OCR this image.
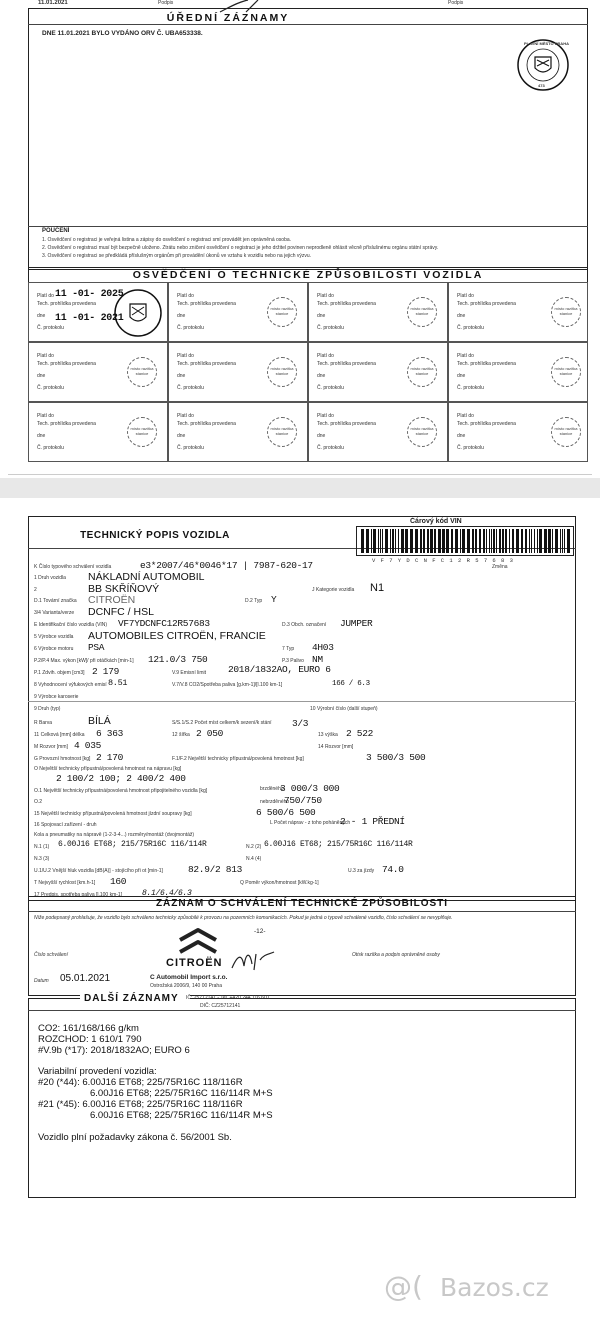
11.01.2021	Podpis
Podpis
ÚŘEDNÍ ZÁZNAMY
DNE 11.01.2021 BYLO VYDÁNO ORV Č. UBA653338.
PLAVNÍ MĚSTO PRAHA
473
POUČENÍ
1. Osvědčení o registraci je veřejná listina a zápisy do osvědčení o registraci smí provádět jen oprávněná osoba.
2. Osvědčení o registraci musí být bezpečně uloženo. Ztrátu nebo zničení osvědčení o registraci je jeho držitel povinen neprodleně ohlásit věcně příslušnému orgánu státní správy.
3. Osvědčení o registraci se předkládá příslušným orgánům při provádění úkonů ve vztahu k vozidlu nebo na jejich výzvu.
OSVĚDČENÍ O TECHNICKÉ ZPŮSOBILOSTI VOZIDLA
Platí do
Tech. prohlídka provedena
dne
Č. protokolu
11 -01- 2025
11 -01- 2021
Platí do
Tech. prohlídka provedena
dne
Č. protokolu
místo razítka stanice
Platí do
Tech. prohlídka provedena
dne
Č. protokolu
místo razítka stanice
Platí do
Tech. prohlídka provedena
dne
Č. protokolu
místo razítka stanice
Platí do
Tech. prohlídka provedena
dne
Č. protokolu
místo razítka stanice
Platí do
Tech. prohlídka provedena
dne
Č. protokolu
místo razítka stanice
Platí do
Tech. prohlídka provedena
dne
Č. protokolu
místo razítka stanice
Platí do
Tech. prohlídka provedena
dne
Č. protokolu
místo razítka stanice
Platí do
Tech. prohlídka provedena
dne
Č. protokolu
místo razítka stanice
Platí do
Tech. prohlídka provedena
dne
Č. protokolu
místo razítka stanice
Platí do
Tech. prohlídka provedena
dne
Č. protokolu
místo razítka stanice
Platí do
Tech. prohlídka provedena
dne
Č. protokolu
místo razítka stanice
TECHNICKÝ POPIS VOZIDLA
Čárový kód VIN
V F 7 Y D C N F C 1 2 R 5 7 6 8 3
Změna
K Číslo typového schválení vozidla	e3*2007/46*0046*17 | 7987-620-17
1 Druh vozidla NÁKLADNÍ AUTOMOBIL
2	BB SKŘÍŇOVÝ	J Kategorie vozidla N1
D.1 Tovární značka CITROËN	D.2 Typ Y
3/4 Varianta/verze DCNFC / HSL
E Identifikační číslo vozidla (VIN) VF7YDCNFC12R57683	D.3 Obch. označení JUMPER
5 Výrobce vozidla AUTOMOBILES CITROËN, FRANCIE
6 Výrobce motoru PSA	7 Typ 4H03
P.2/P.4 Max. výkon [kW]/ při otáčkách [min-1] 121.0/3 750	P.3 Palivo NM
P.1 Zdvih. objem [cm3] 2 179	V.9 Emisní limit 2018/1832AO, EURO 6
8 Vyhodnocení výfukových emisí 8.51	V.7/V.8 CO2/Spotřeba paliva [g.km-1]/[l.100 km-1]	166 / 6.3
9 Výrobce karoserie
9 Druh (typ)	10 Výrobní číslo (další stupeň)
R Barva	BÍLÁ	S/S.1/S.2 Počet míst celkem/k sezení/k stání 3/3
11 Celková [mm] délka 6 363	12 šířka 2 050	13 výška 2 522
M Rozvor [mm] 4 035	14 Rozvor [mm]
G Provozní hmotnost [kg] 2 170	F.1/F.2 Největší technicky přípustná/povolená hmotnost [kg]	3 500/3 500
O Největší technicky přípustná/povolená hmotnost na nápravu [kg]
2 100/2 100; 2 400/2 400
O.1 Největší technicky přípustná/povolená hmotnost připojitelného vozidla [kg]	brzděného
3 000/3 000
O.2	nebrzděného
750/750
15 Největší technicky přípustná/povolená hmotnost jízdní soupravy [kg]	6 500/6 500
16 Spojovací zařízení - druh	L Počet náprav - z toho poháněných
2 - 1 PŘEDNÍ
Kola a pneumatiky na nápravě (1-2-3-4...) rozměry/montáž (dvojmontáž)
N.1 (1) 6.00J16 ET68; 215/75R16C 116/114R	N.2 (2) 6.00J16 ET68; 215/75R16C 116/114R
N.3 (3)	N.4 (4)
U.1/U.2 Vnější hluk vozidla [dB(A)] - stojícího při ot [min-1]	82.9/2 813	U.3 za jízdy 74.0
T Nejvyšší rychlost [km.h-1] 160	Q Poměr výkon/hmotnost [kW.kg-1]
17 Predpis, spotřeba paliva [l.100 km-1] 8.1/6.4/6.3
ZÁZNAM O SCHVÁLENÍ TECHNICKÉ ZPŮSOBILOSTI
Níže podepsaný prohlašuje, že vozidlo bylo schváleno technicky způsobilé k provozu na pozemních komunikacích. Pokud je jedná o typově schválené vozidlo, číslo schválení se nevyplňuje.
-12-
Číslo schválení	Otisk razítka a podpis oprávněné osoby
Datum 05.01.2021
CITROËN
C Automobil Import s.r.o.
Ostrožská 2006/9, 140 00 Praha
DALŠÍ ZÁZNAMY	IČ: 25712141 - Tel. +420 244 116 601
DIČ: CZ25712141
CO2: 161/168/166 g/km
ROZCHOD: 1 610/1 790
#V.9b (*17): 2018/1832AO; EURO 6
Variabilní provedení vozidla:
#20 (*44): 6.00J16 ET68; 225/75R16C 118/116R
6.00J16 ET68; 225/75R16C 116/114R M+S
#21 (*45): 6.00J16 ET68; 225/75R16C 118/116R
6.00J16 ET68; 225/75R16C 116/114R M+S
Vozidlo plní požadavky zákona č. 56/2001 Sb.
@( Bazos.cz
